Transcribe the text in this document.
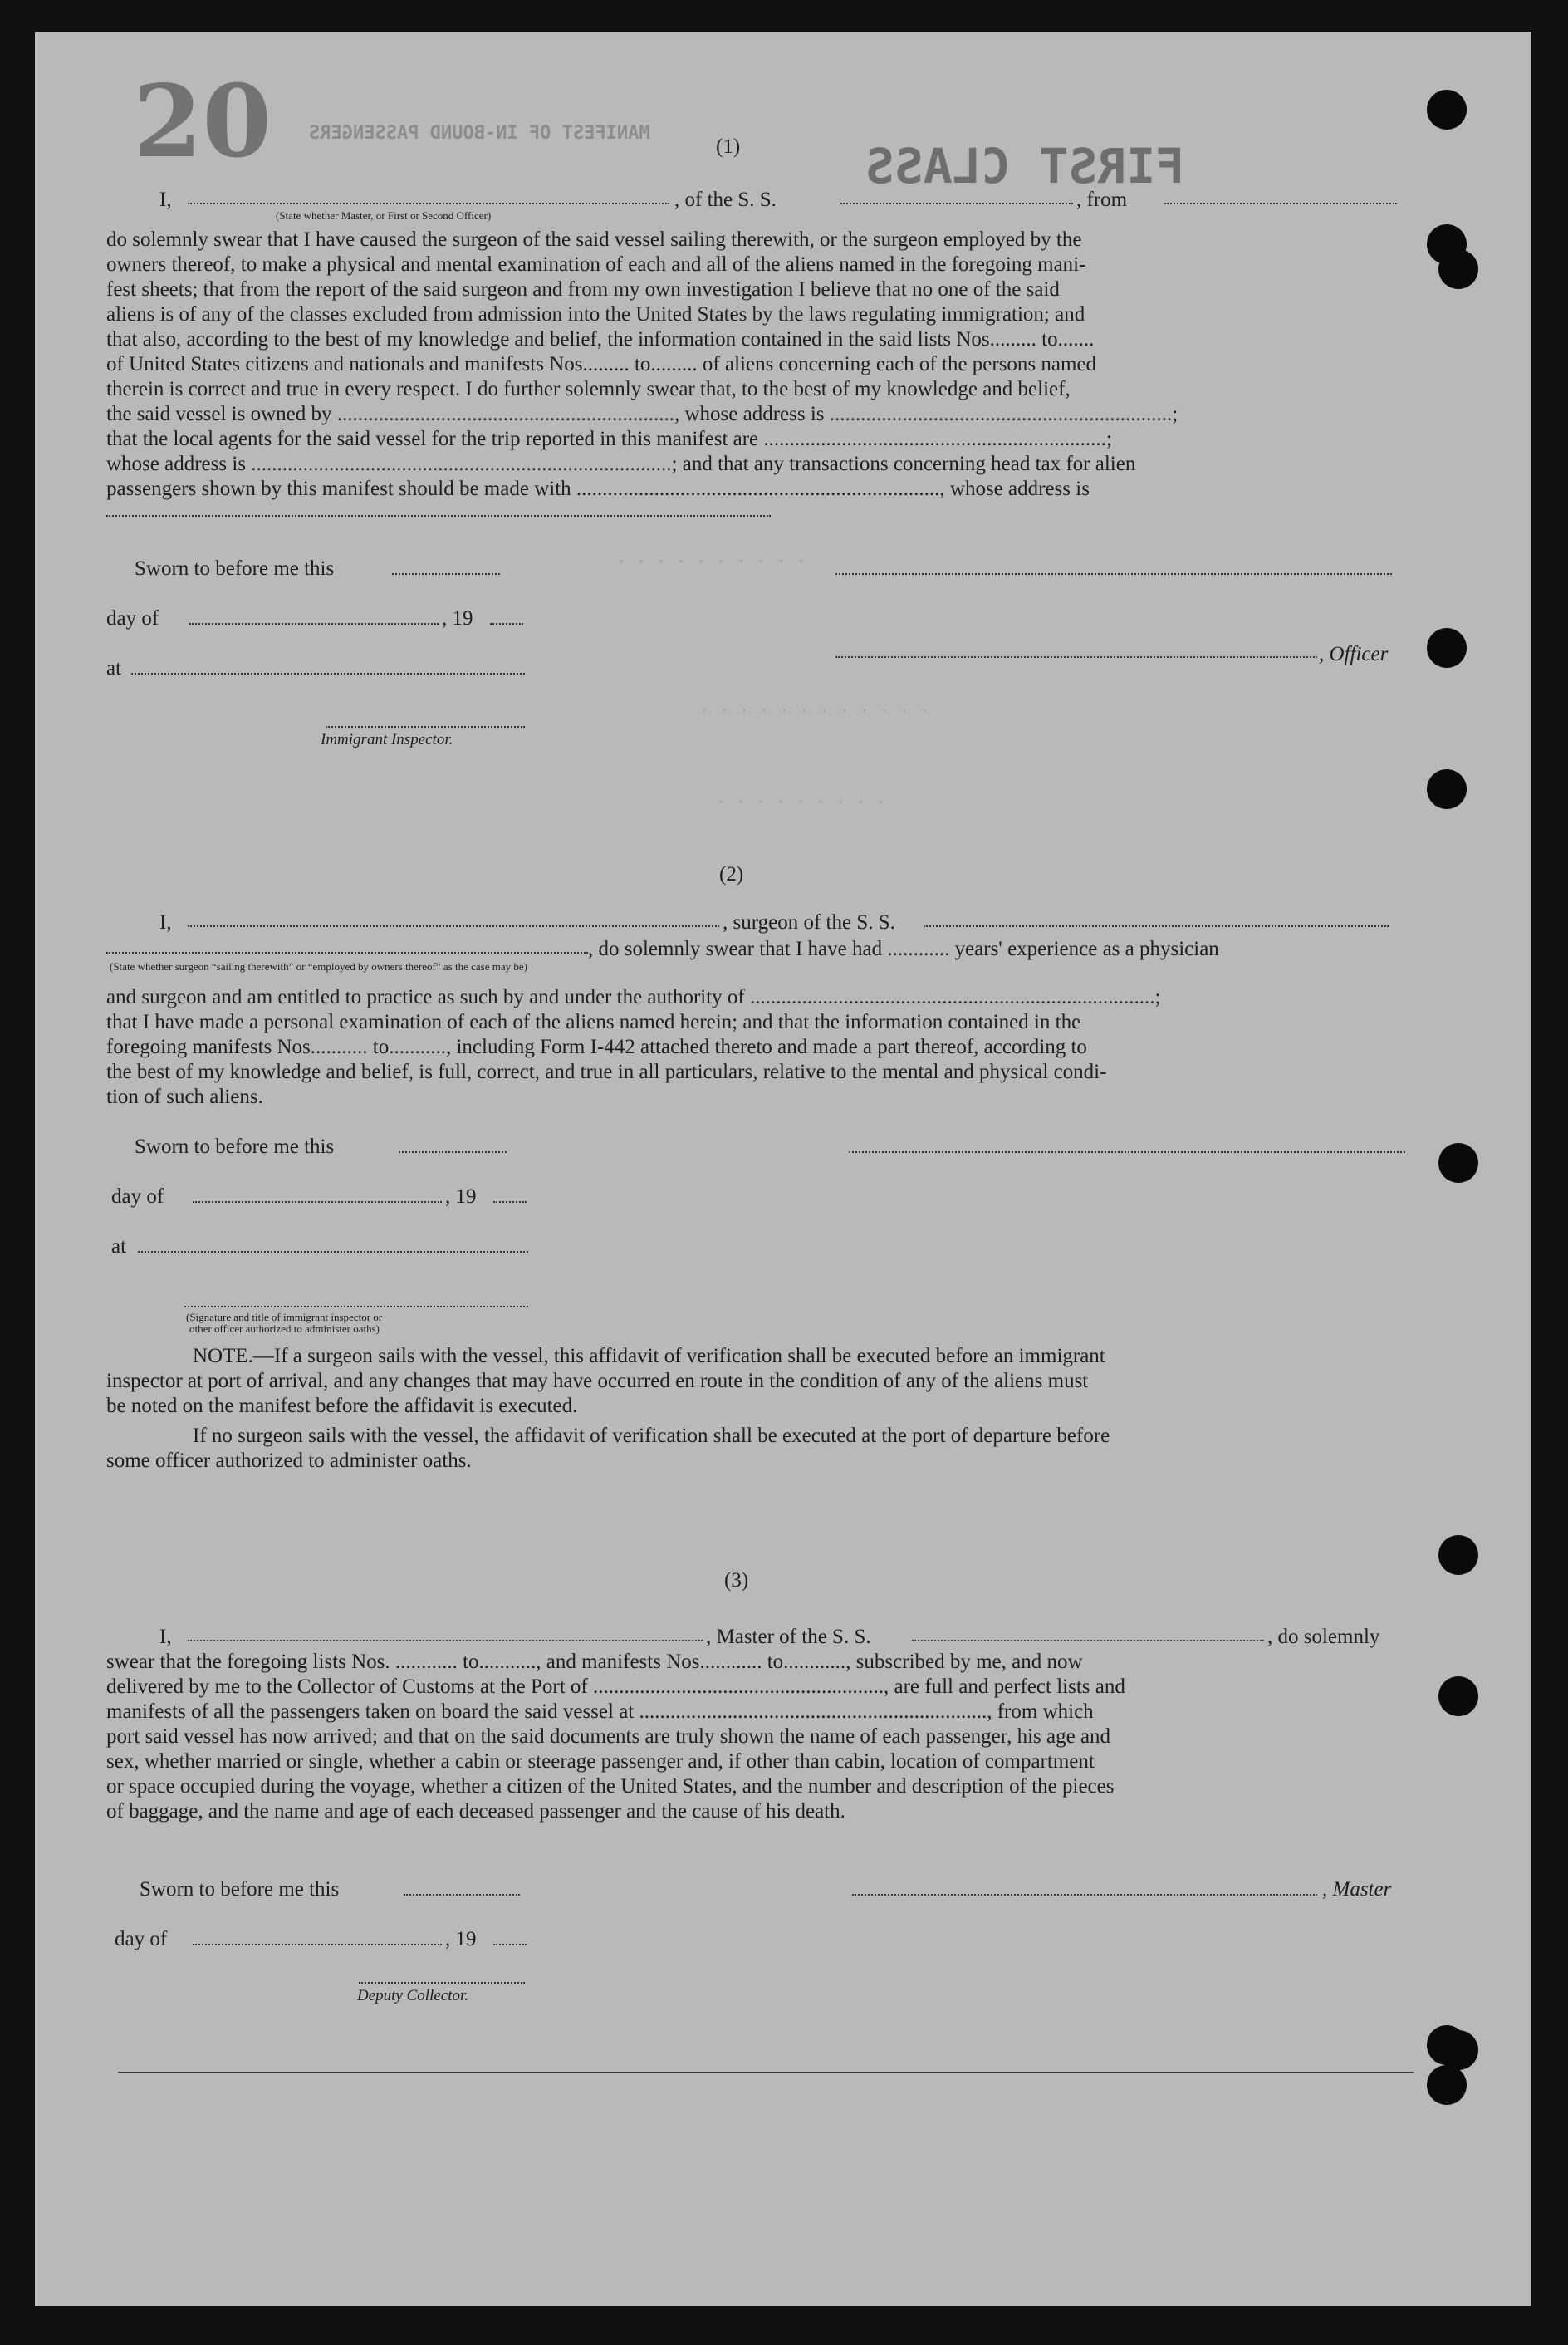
20 MANIFEST OF IN-BOUND PASSENGERS
FIRST CLASS
. . . . . . . . . .
. . . . . . . . . . . .
. . . . . . . . .
(1)
I,	, of the S. S.	, from
(State whether Master, or First or Second Officer)
do solemnly swear that I have caused the surgeon of the said vessel sailing therewith, or the surgeon employed by the
owners thereof, to make a physical and mental examination of each and all of the aliens named in the foregoing mani-
fest sheets; that from the report of the said surgeon and from my own investigation I believe that no one of the said
aliens is of any of the classes excluded from admission into the United States by the laws regulating immigration; and
that also, according to the best of my knowledge and belief, the information contained in the said lists Nos......... to.......
of United States citizens and nationals and manifests Nos......... to......... of aliens concerning each of the persons named
therein is correct and true in every respect. I do further solemnly swear that, to the best of my knowledge and belief,
the said vessel is owned by ................................................................., whose address is ..................................................................;
that the local agents for the said vessel for the trip reported in this manifest are ..................................................................;
whose address is .................................................................................; and that any transactions concerning head tax for alien
passengers shown by this manifest should be made with ......................................................................, whose address is
Sworn to before me this
day of	, 19
, Officer
at
Immigrant Inspector.
(2)
I,	, surgeon of the S. S.
, do solemnly swear that I have had ............ years' experience as a physician
(State whether surgeon “sailing therewith” or “employed by owners thereof” as the case may be)
and surgeon and am entitled to practice as such by and under the authority of ..............................................................................;
that I have made a personal examination of each of the aliens named herein; and that the information contained in the
foregoing manifests Nos........... to..........., including Form I-442 attached thereto and made a part thereof, according to
the best of my knowledge and belief, is full, correct, and true in all particulars, relative to the mental and physical condi-
tion of such aliens.
Sworn to before me this
day of	, 19
at
(Signature and title of immigrant inspector or
other officer authorized to administer oaths)
NOTE.—If a surgeon sails with the vessel, this affidavit of verification shall be executed before an immigrant
inspector at port of arrival, and any changes that may have occurred en route in the condition of any of the aliens must
be noted on the manifest before the affidavit is executed.
If no surgeon sails with the vessel, the affidavit of verification shall be executed at the port of departure before
some officer authorized to administer oaths.
(3)
I,	, Master of the S. S.	, do solemnly
swear that the foregoing lists Nos. ............ to..........., and manifests Nos............ to............, subscribed by me, and now
delivered by me to the Collector of Customs at the Port of ........................................................, are full and perfect lists and
manifests of all the passengers taken on board the said vessel at ..................................................................., from which
port said vessel has now arrived; and that on the said documents are truly shown the name of each passenger, his age and
sex, whether married or single, whether a cabin or steerage passenger and, if other than cabin, location of compartment
or space occupied during the voyage, whether a citizen of the United States, and the number and description of the pieces
of baggage, and the name and age of each deceased passenger and the cause of his death.
Sworn to before me this	, Master
day of	, 19
Deputy Collector.
